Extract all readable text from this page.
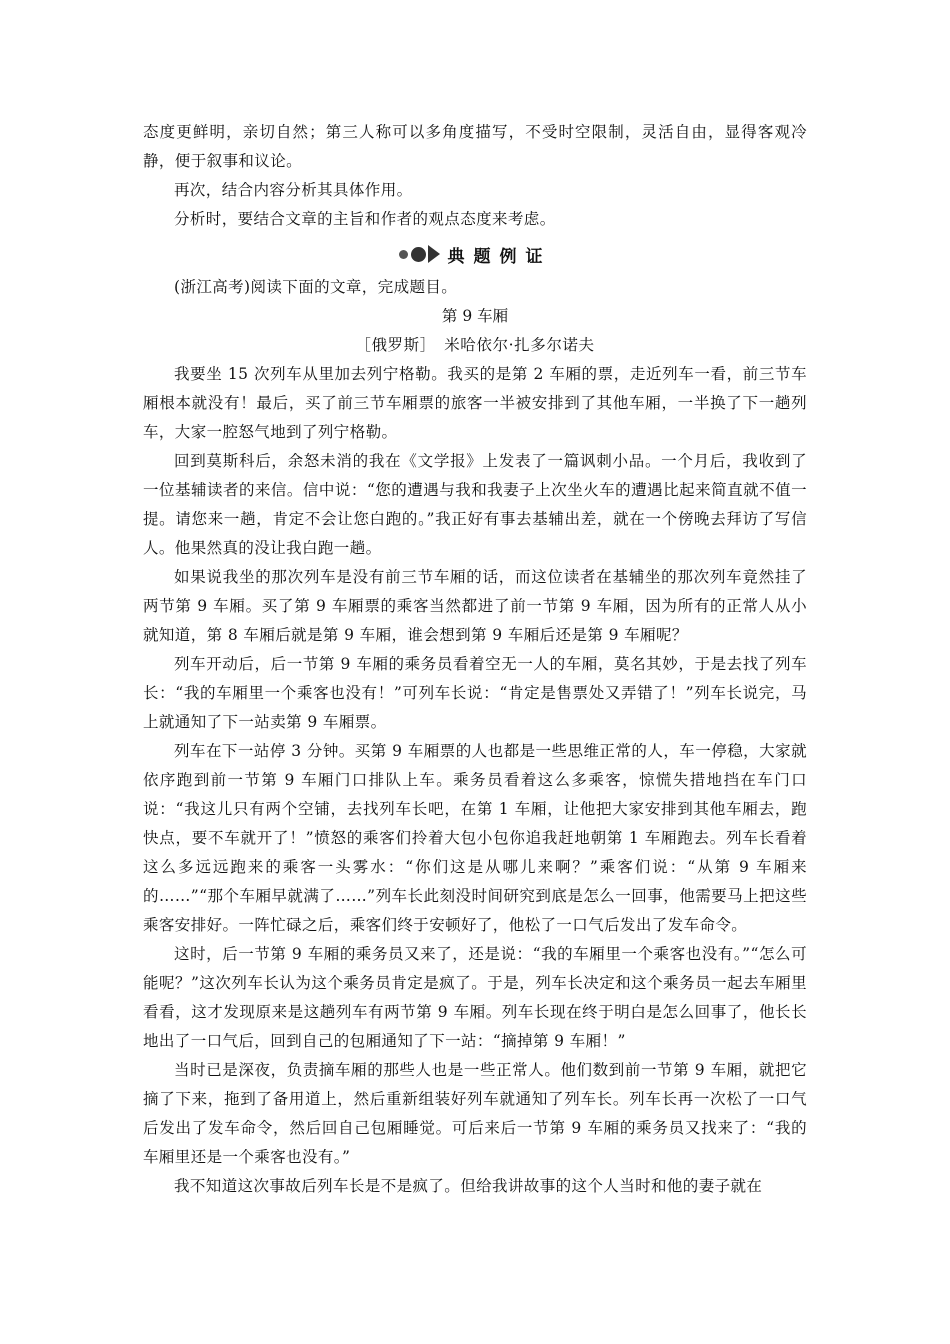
态度更鲜明，亲切自然；第三人称可以多角度描写，不受时空限制，灵活自由，显得客观冷静，便于叙事和议论。

再次，结合内容分析其具体作用。

分析时，要结合文章的主旨和作者的观点态度来考虑。

典题例证

(浙江高考)阅读下面的文章，完成题目。

第 9 车厢

［俄罗斯］　米哈依尔·扎多尔诺夫

我要坐 15 次列车从里加去列宁格勒。我买的是第 2 车厢的票，走近列车一看，前三节车厢根本就没有！最后，买了前三节车厢票的旅客一半被安排到了其他车厢，一半换了下一趟列车，大家一腔怒气地到了列宁格勒。

回到莫斯科后，余怒未消的我在《文学报》上发表了一篇讽刺小品。一个月后，我收到了一位基辅读者的来信。信中说：“您的遭遇与我和我妻子上次坐火车的遭遇比起来简直就不值一提。请您来一趟，肯定不会让您白跑的。”我正好有事去基辅出差，就在一个傍晚去拜访了写信人。他果然真的没让我白跑一趟。

如果说我坐的那次列车是没有前三节车厢的话，而这位读者在基辅坐的那次列车竟然挂了两节第 9 车厢。买了第 9 车厢票的乘客当然都进了前一节第 9 车厢，因为所有的正常人从小就知道，第 8 车厢后就是第 9 车厢，谁会想到第 9 车厢后还是第 9 车厢呢？

列车开动后，后一节第 9 车厢的乘务员看着空无一人的车厢，莫名其妙，于是去找了列车长：“我的车厢里一个乘客也没有！”可列车长说：“肯定是售票处又弄错了！”列车长说完，马上就通知了下一站卖第 9 车厢票。

列车在下一站停 3 分钟。买第 9 车厢票的人也都是一些思维正常的人，车一停稳，大家就依序跑到前一节第 9 车厢门口排队上车。乘务员看着这么多乘客，惊慌失措地挡在车门口说：“我这儿只有两个空铺，去找列车长吧，在第 1 车厢，让他把大家安排到其他车厢去，跑快点，要不车就开了！”愤怒的乘客们拎着大包小包你追我赶地朝第 1 车厢跑去。列车长看着这么多远远跑来的乘客一头雾水：“你们这是从哪儿来啊？”乘客们说：“从第 9 车厢来的……”“那个车厢早就满了……”列车长此刻没时间研究到底是怎么一回事，他需要马上把这些乘客安排好。一阵忙碌之后，乘客们终于安顿好了，他松了一口气后发出了发车命令。

这时，后一节第 9 车厢的乘务员又来了，还是说：“我的车厢里一个乘客也没有。”“怎么可能呢？”这次列车长认为这个乘务员肯定是疯了。于是，列车长决定和这个乘务员一起去车厢里看看，这才发现原来是这趟列车有两节第 9 车厢。列车长现在终于明白是怎么回事了，他长长地出了一口气后，回到自己的包厢通知了下一站：“摘掉第 9 车厢！”

当时已是深夜，负责摘车厢的那些人也是一些正常人。他们数到前一节第 9 车厢，就把它摘了下来，拖到了备用道上，然后重新组装好列车就通知了列车长。列车长再一次松了一口气后发出了发车命令，然后回自己包厢睡觉。可后来后一节第 9 车厢的乘务员又找来了：“我的车厢里还是一个乘客也没有。”

我不知道这次事故后列车长是不是疯了。但给我讲故事的这个人当时和他的妻子就在
